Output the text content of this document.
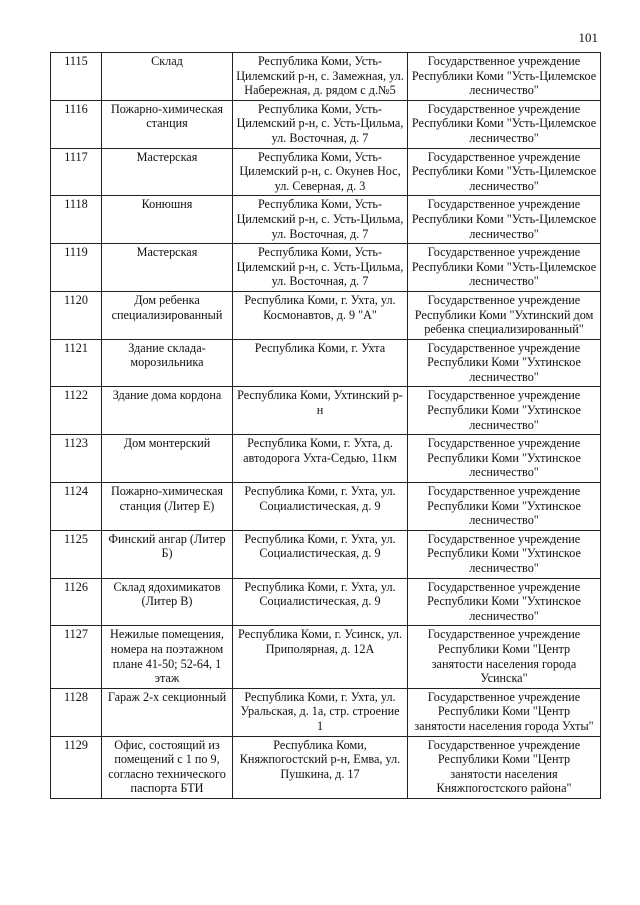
101
1115	Склад	Республика Коми, Усть-Цилемский р-н, с. Замежная, ул. Набережная, д. рядом с д.№5	Государственное учреждение Республики Коми "Усть-Цилемское лесничество"
1116	Пожарно-химическая станция	Республика Коми, Усть-Цилемский р-н, с. Усть-Цильма, ул. Восточная, д. 7	Государственное учреждение Республики Коми "Усть-Цилемское лесничество"
1117	Мастерская	Республика Коми, Усть-Цилемский р-н, с. Окунев Нос, ул. Северная, д. 3	Государственное учреждение Республики Коми "Усть-Цилемское лесничество"
1118	Конюшня	Республика Коми, Усть-Цилемский р-н, с. Усть-Цильма, ул. Восточная, д. 7	Государственное учреждение Республики Коми "Усть-Цилемское лесничество"
1119	Мастерская	Республика Коми, Усть-Цилемский р-н, с. Усть-Цильма, ул. Восточная, д. 7	Государственное учреждение Республики Коми "Усть-Цилемское лесничество"
1120	Дом ребенка специализированный	Республика Коми, г. Ухта, ул. Космонавтов, д. 9 "А"	Государственное учреждение Республики Коми "Ухтинский дом ребенка специализированный"
1121	Здание склада-морозильника	Республика Коми, г. Ухта	Государственное учреждение Республики Коми "Ухтинское лесничество"
1122	Здание дома кордона	Республика Коми, Ухтинский р-н	Государственное учреждение Республики Коми "Ухтинское лесничество"
1123	Дом монтерский	Республика Коми, г. Ухта, д. автодорога Ухта-Седью, 11км	Государственное учреждение Республики Коми "Ухтинское лесничество"
1124	Пожарно-химическая станция (Литер Е)	Республика Коми, г. Ухта, ул. Социалистическая, д. 9	Государственное учреждение Республики Коми "Ухтинское лесничество"
1125	Финский ангар (Литер Б)	Республика Коми, г. Ухта, ул. Социалистическая, д. 9	Государственное учреждение Республики Коми "Ухтинское лесничество"
1126	Склад ядохимикатов (Литер В)	Республика Коми, г. Ухта, ул. Социалистическая, д. 9	Государственное учреждение Республики Коми "Ухтинское лесничество"
1127	Нежилые помещения, номера на поэтажном плане 41-50; 52-64, 1 этаж	Республика Коми, г. Усинск, ул. Приполярная, д. 12А	Государственное учреждение Республики Коми "Центр занятости населения города Усинска"
1128	Гараж 2-х секционный	Республика Коми, г. Ухта, ул. Уральская, д. 1а, стр. строение 1	Государственное учреждение Республики Коми "Центр занятости населения города Ухты"
1129	Офис, состоящий из помещений с 1 по 9, согласно технического паспорта БТИ	Республика Коми, Княжпогостский р-н, Емва, ул. Пушкина, д. 17	Государственное учреждение Республики Коми "Центр занятости населения Княжпогостского района"
